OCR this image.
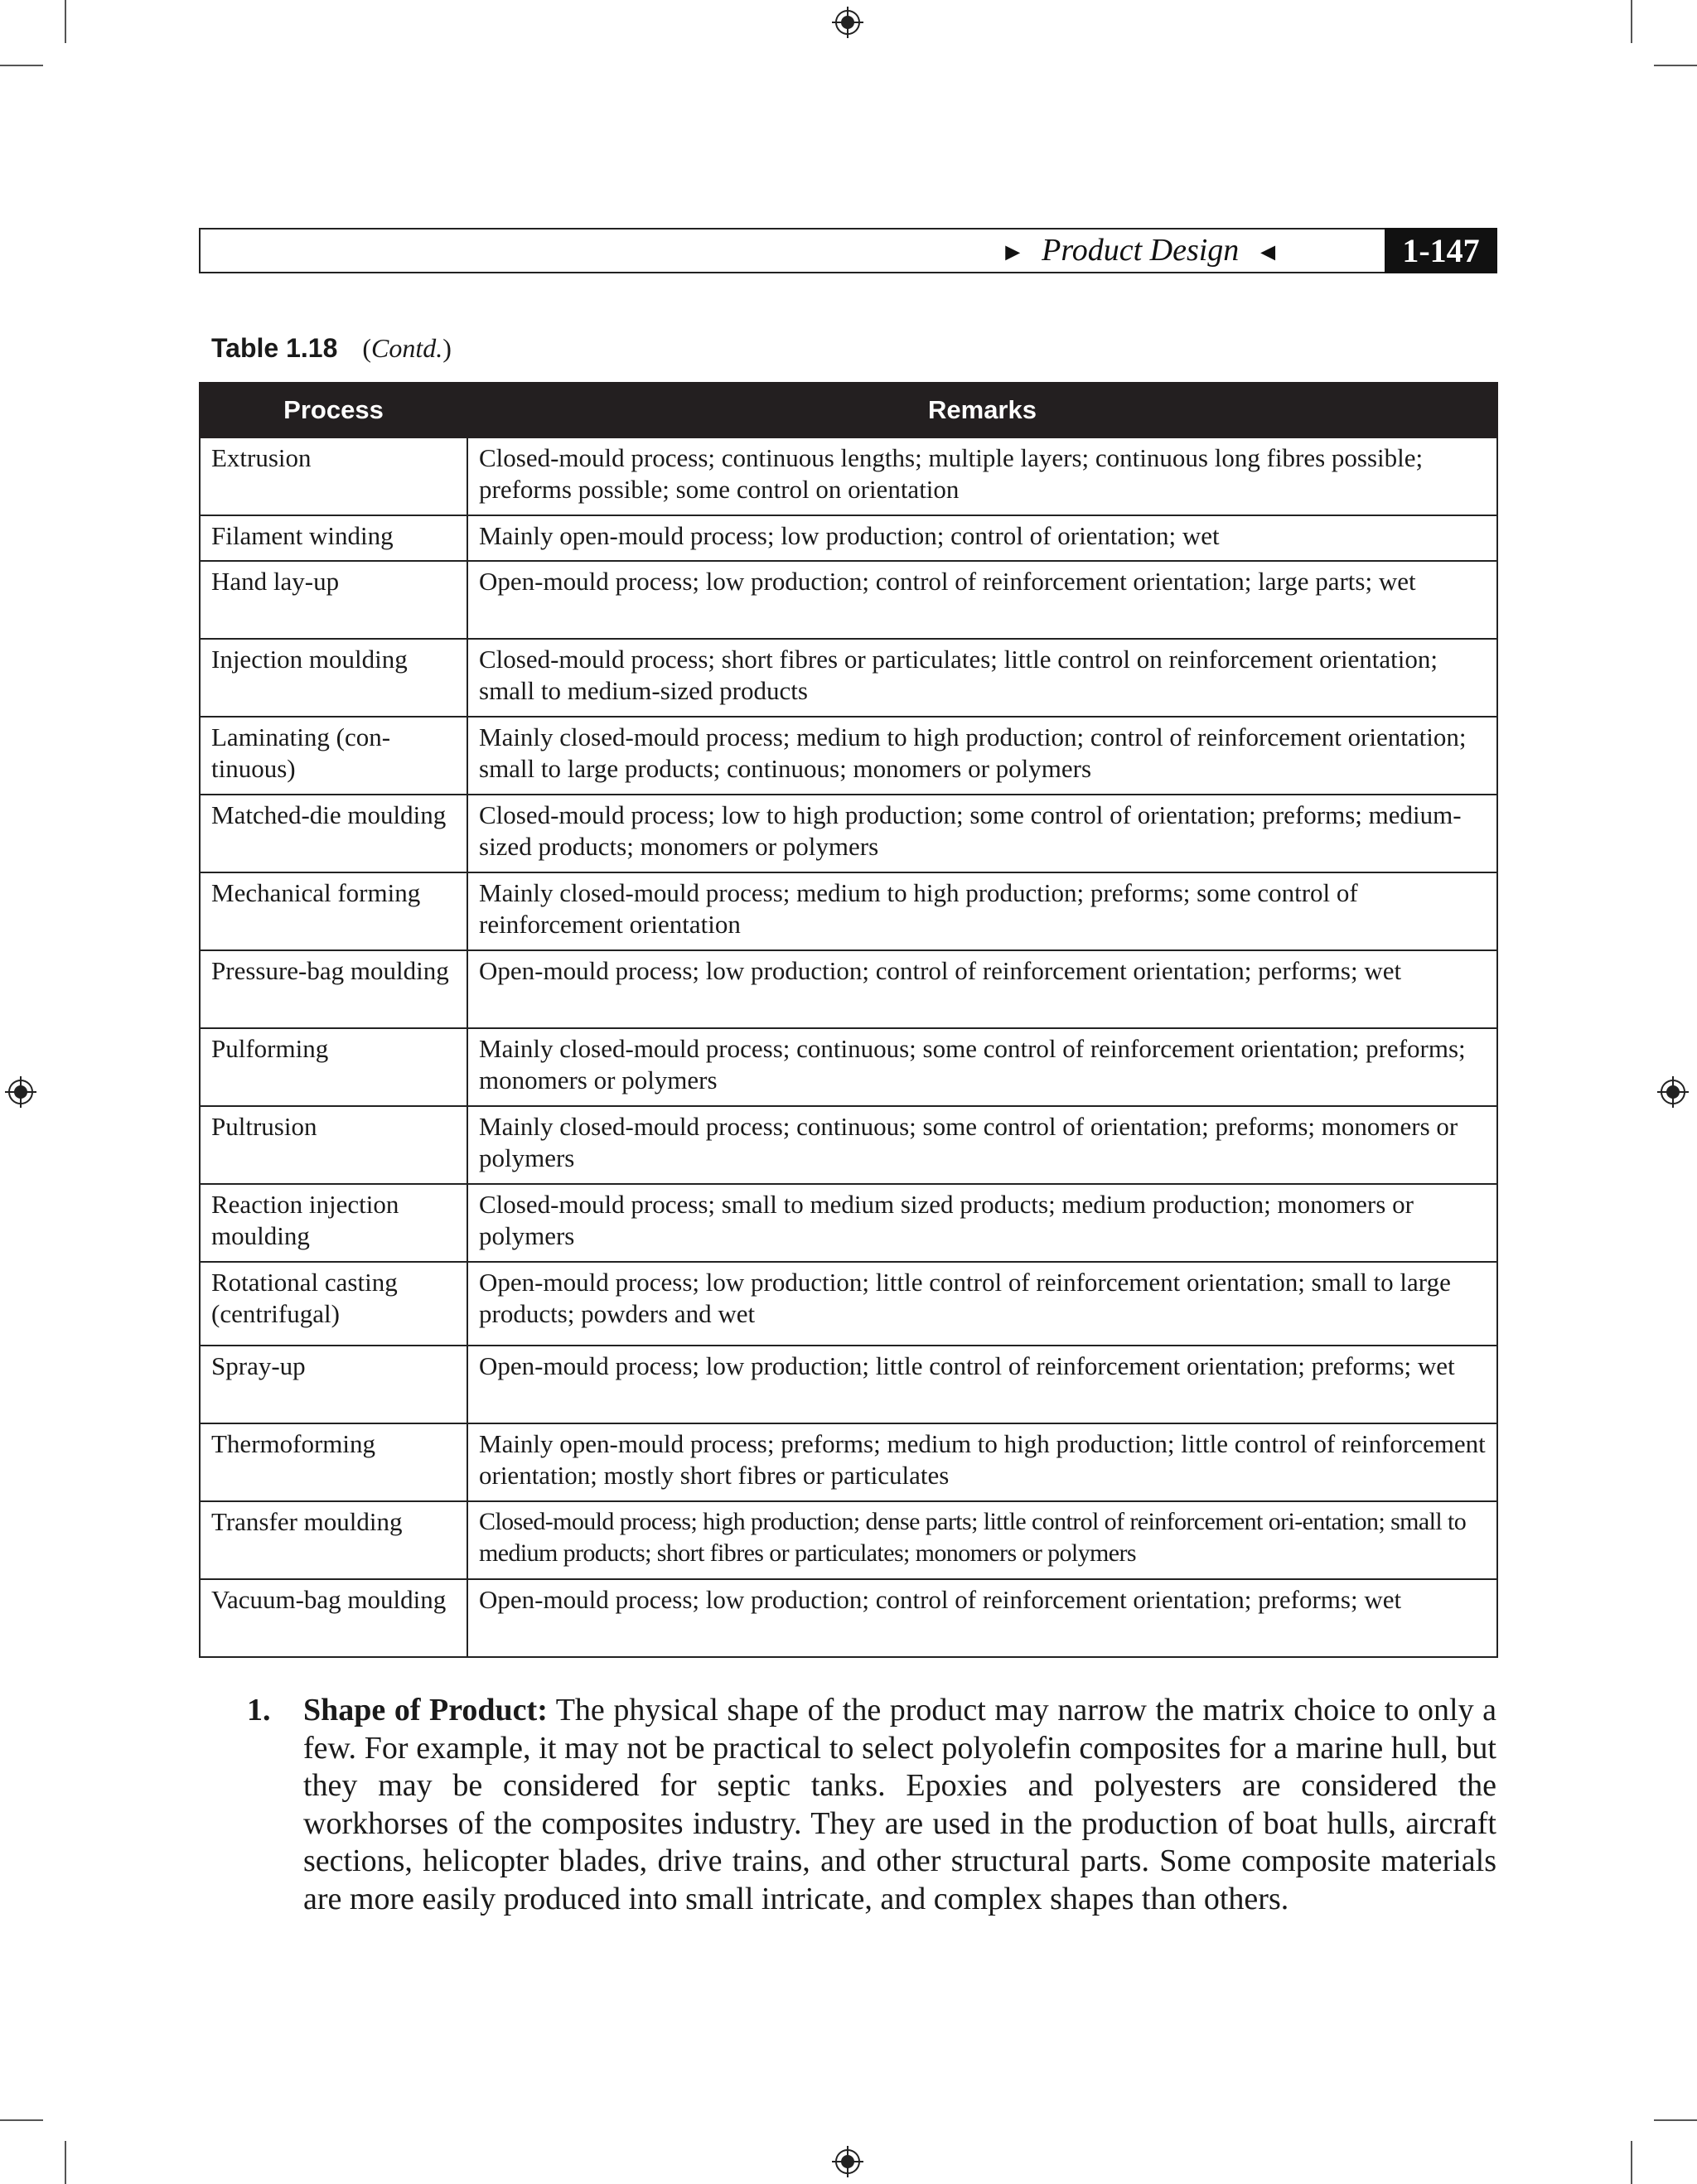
► Product Design ◄	1-147
Table 1.18 (Contd.)
Process	Remarks
Extrusion	Closed-mould process; continuous lengths; multiple layers; continuous long fibres possible; preforms possible; some control on orientation
Filament winding	Mainly open-mould process; low production; control of orientation; wet
Hand lay-up	Open-mould process; low production; control of reinforcement orientation; large parts; wet
Injection moulding	Closed-mould process; short fibres or particulates; little control on reinforcement orientation; small to medium-sized products
Laminating (con-tinuous)	Mainly closed-mould process; medium to high production; control of reinforcement orientation; small to large products; continuous; monomers or polymers
Matched-die moulding	Closed-mould process; low to high production; some control of orientation; preforms; medium-sized products; monomers or polymers
Mechanical forming	Mainly closed-mould process; medium to high production; preforms; some control of reinforcement orientation
Pressure-bag moulding	Open-mould process; low production; control of reinforcement orientation; performs; wet
Pulforming	Mainly closed-mould process; continuous; some control of reinforcement orientation; preforms; monomers or polymers
Pultrusion	Mainly closed-mould process; continuous; some control of orientation; preforms; monomers or polymers
Reaction injection moulding	Closed-mould process; small to medium sized products; medium production; monomers or polymers
Rotational casting (centrifugal)	Open-mould process; low production; little control of reinforcement orientation; small to large products; powders and wet
Spray-up	Open-mould process; low production; little control of reinforcement orientation; preforms; wet
Thermoforming	Mainly open-mould process; preforms; medium to high production; little control of reinforcement orientation; mostly short fibres or particulates
Transfer moulding	Closed-mould process; high production; dense parts; little control of reinforcement ori-entation; small to medium products; short fibres or particulates; monomers or polymers
Vacuum-bag moulding	Open-mould process; low production; control of reinforcement orientation; preforms; wet
1. Shape of Product: The physical shape of the product may narrow the matrix choice to only a few. For example, it may not be practical to select polyolefin composites for a marine hull, but they may be considered for septic tanks. Epoxies and polyesters are considered the workhorses of the composites industry. They are used in the production of boat hulls, aircraft sections, helicopter blades, drive trains, and other structural parts. Some composite materials are more easily produced into small intricate, and complex shapes than others.
